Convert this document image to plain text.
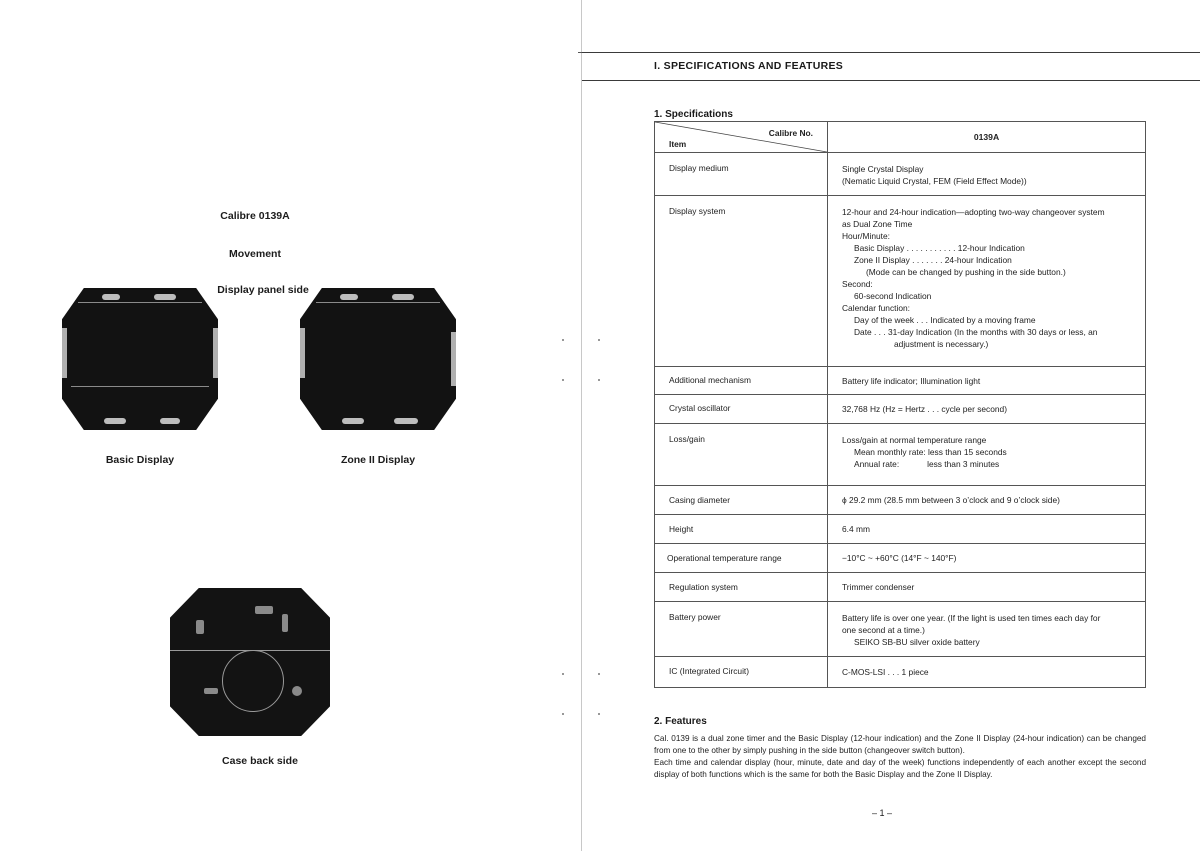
Calibre 0139A
Movement
Display panel side
Basic Display	Zone II Display
Case back side
I. SPECIFICATIONS AND FEATURES
1. Specifications
Calibre No.
Item	0139A
Display medium	Single Crystal Display
(Nematic Liquid Crystal, FEM (Field Effect Mode))

Display system	12-hour and 24-hour indication—adopting two-way changeover system
as Dual Zone Time
Hour/Minute:
Basic Display . . . . . . . . . . . 12-hour Indication
Zone II Display . . . . . . . 24-hour Indication
(Mode can be changed by pushing in the side button.)
Second:
60-second Indication
Calendar function:
Day of the week . . . Indicated by a moving frame
Date . . . 31-day Indication (In the months with 30 days or less, an
adjustment is necessary.)

Additional mechanism	Battery life indicator; Illumination light

Crystal oscillator	32,768 Hz (Hz = Hertz . . . cycle per second)

Loss/gain	Loss/gain at normal temperature range
Mean monthly rate: less than 15 seconds
Annual rate:            less than 3 minutes

Casing diameter	ϕ 29.2 mm (28.5 mm between 3 o’clock and 9 o’clock side)

Height	6.4 mm

Operational temperature range	−10°C ~ +60°C (14°F ~ 140°F)

Regulation system	Trimmer condenser

Battery power	Battery life is over one year. (If the light is used ten times each day for
one second at a time.)
SEIKO SB-BU silver oxide battery

IC (Integrated Circuit)	C-MOS-LSI . . . 1 piece
2. Features

Cal. 0139 is a dual zone timer and the Basic Display (12-hour indication) and the Zone II Display (24-hour indication) can be changed from one to the other by simply pushing in the side button (changeover switch button).

Each time and calendar display (hour, minute, date and day of the week) functions independently of each another except the second display of both functions which is the same for both the Basic Display and the Zone II Display.

– 1 –
